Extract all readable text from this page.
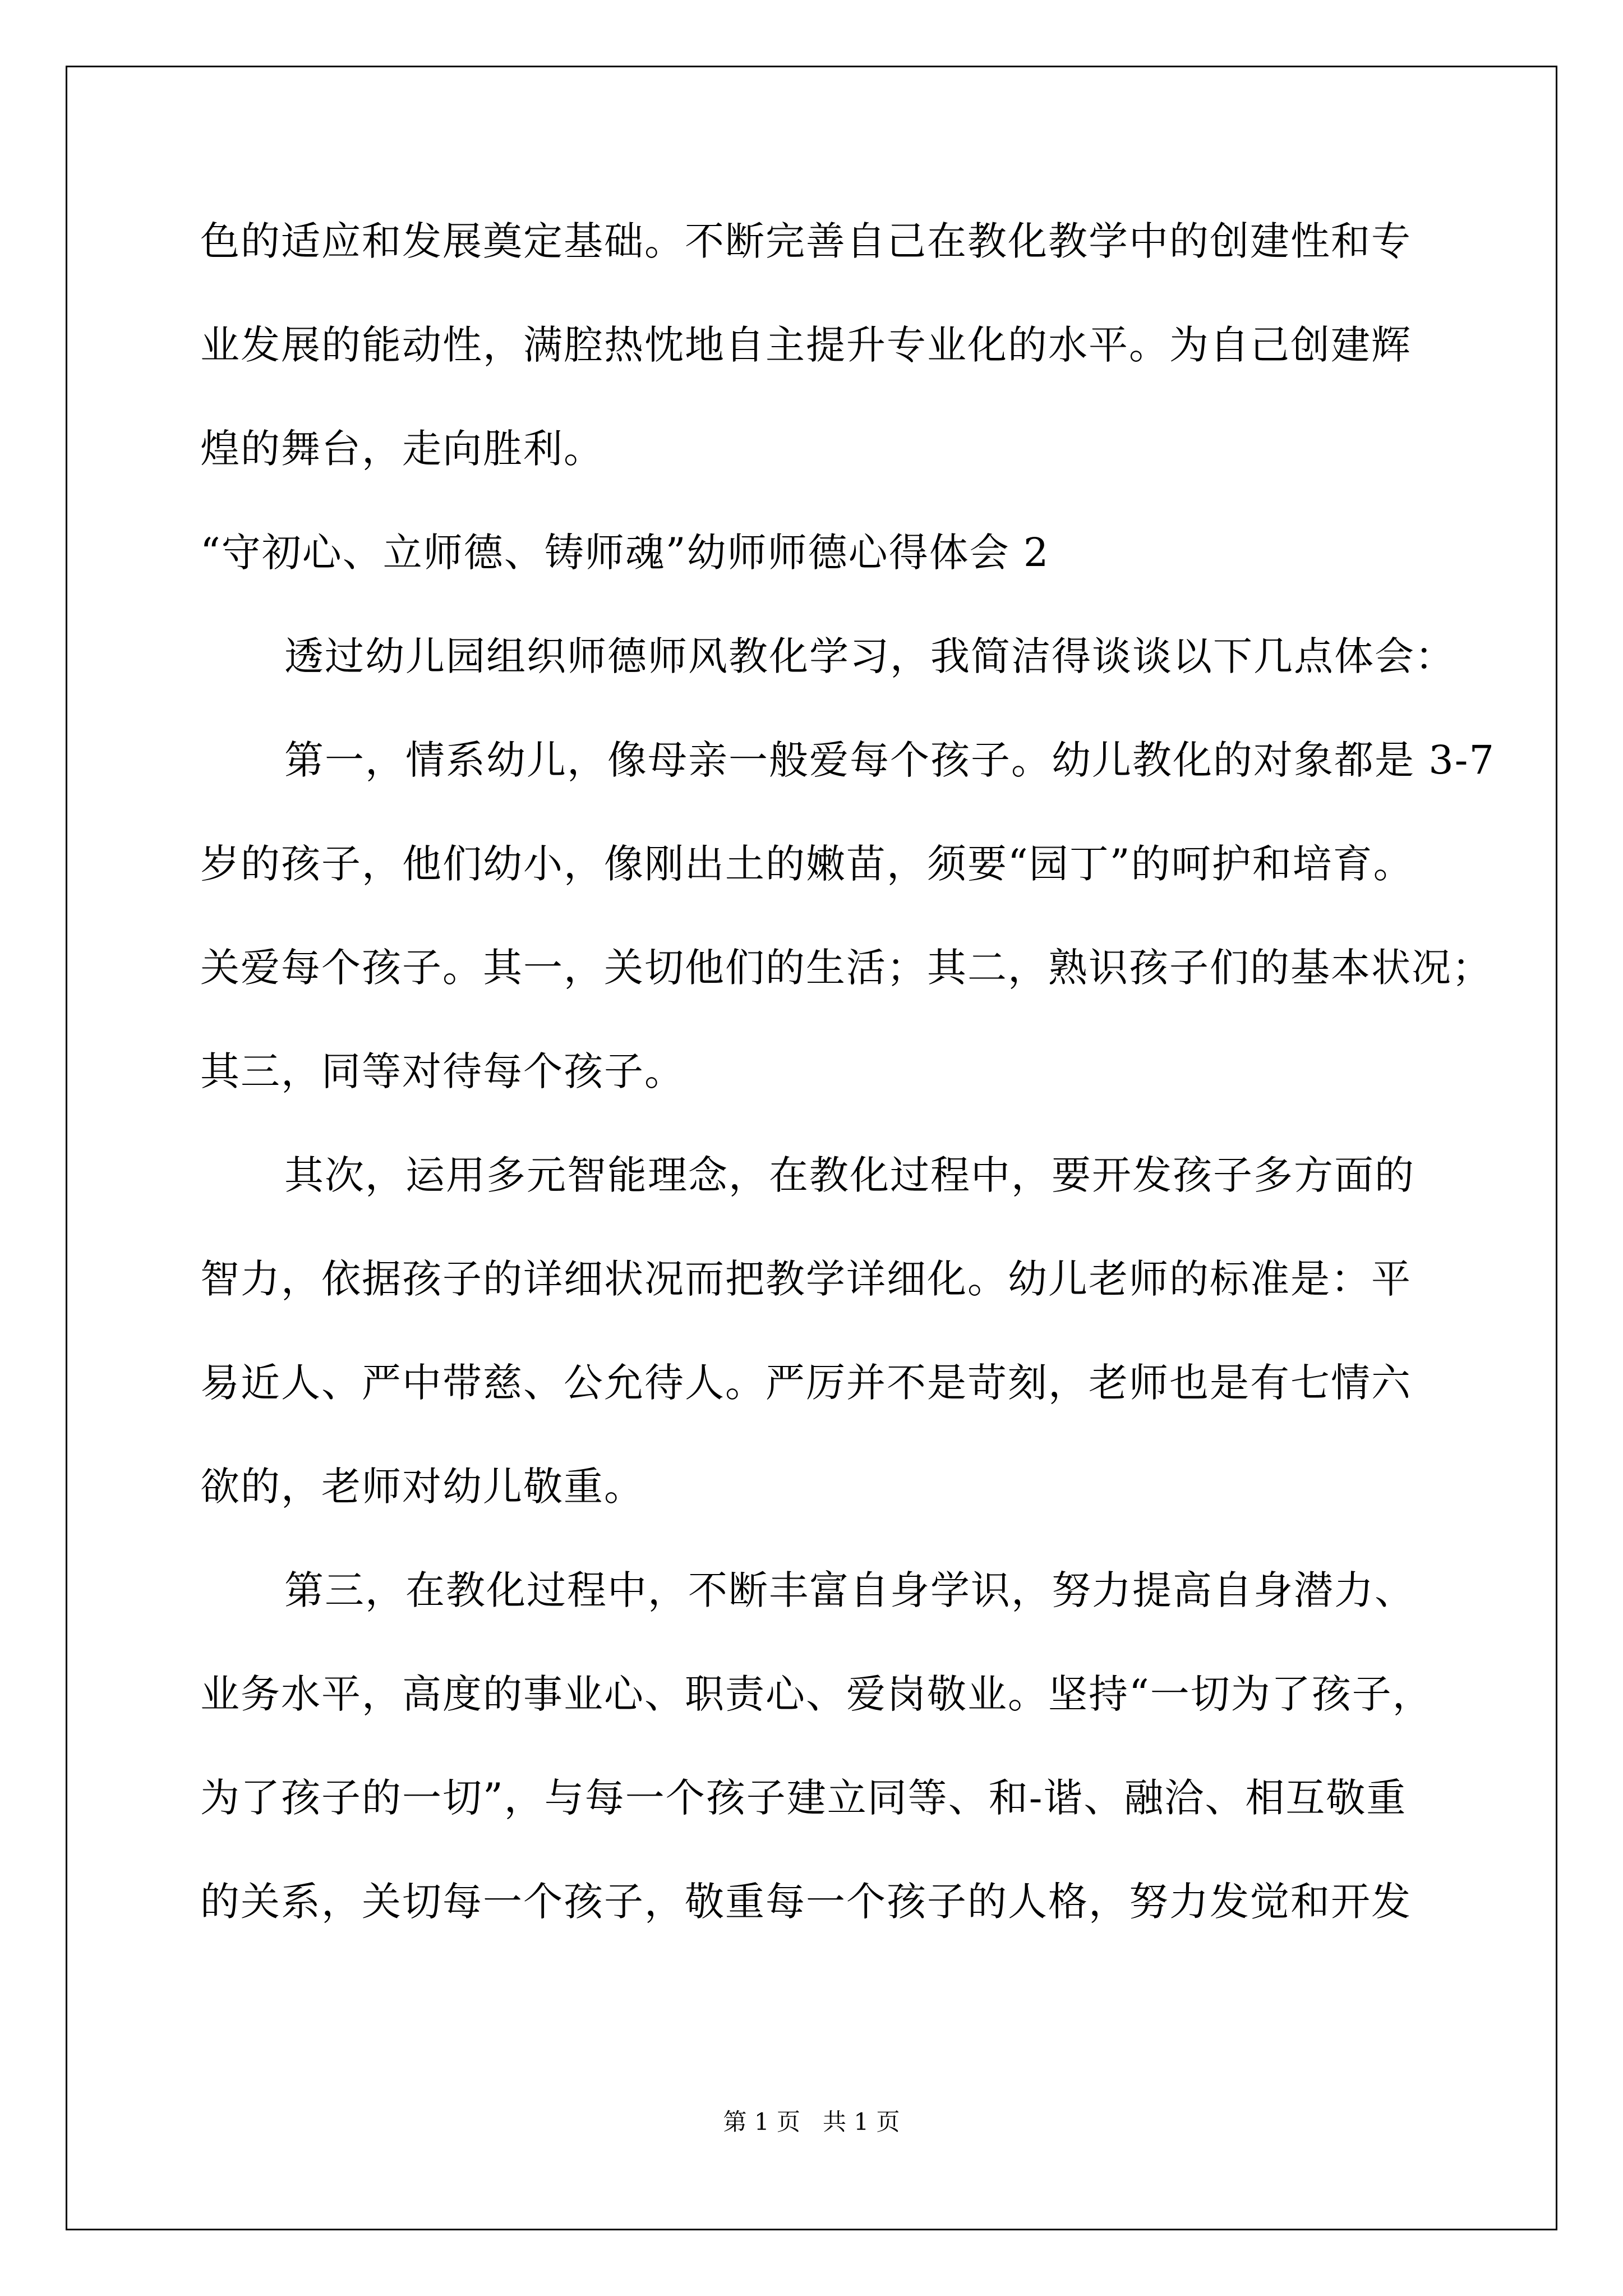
色的适应和发展奠定基础。不断完善自己在教化教学中的创建性和专
业发展的能动性，满腔热忱地自主提升专业化的水平。为自己创建辉
煌的舞台，走向胜利。
“守初心、立师德、铸师魂”幼师师德心得体会 2
透过幼儿园组织师德师风教化学习，我简洁得谈谈以下几点体会：
第一，情系幼儿，像母亲一般爱每个孩子。幼儿教化的对象都是 3-7
岁的孩子，他们幼小，像刚出土的嫩苗，须要“园丁”的呵护和培育。
关爱每个孩子。其一，关切他们的生活；其二，熟识孩子们的基本状况；
其三，同等对待每个孩子。
其次，运用多元智能理念，在教化过程中，要开发孩子多方面的
智力，依据孩子的详细状况而把教学详细化。幼儿老师的标准是：平
易近人、严中带慈、公允待人。严厉并不是苛刻，老师也是有七情六
欲的，老师对幼儿敬重。
第三，在教化过程中，不断丰富自身学识，努力提高自身潜力、
业务水平，高度的事业心、职责心、爱岗敬业。坚持“一切为了孩子，
为了孩子的一切”，与每一个孩子建立同等、和-谐、融洽、相互敬重
的关系，关切每一个孩子，敬重每一个孩子的人格，努力发觉和开发
第 1 页   共 1 页
